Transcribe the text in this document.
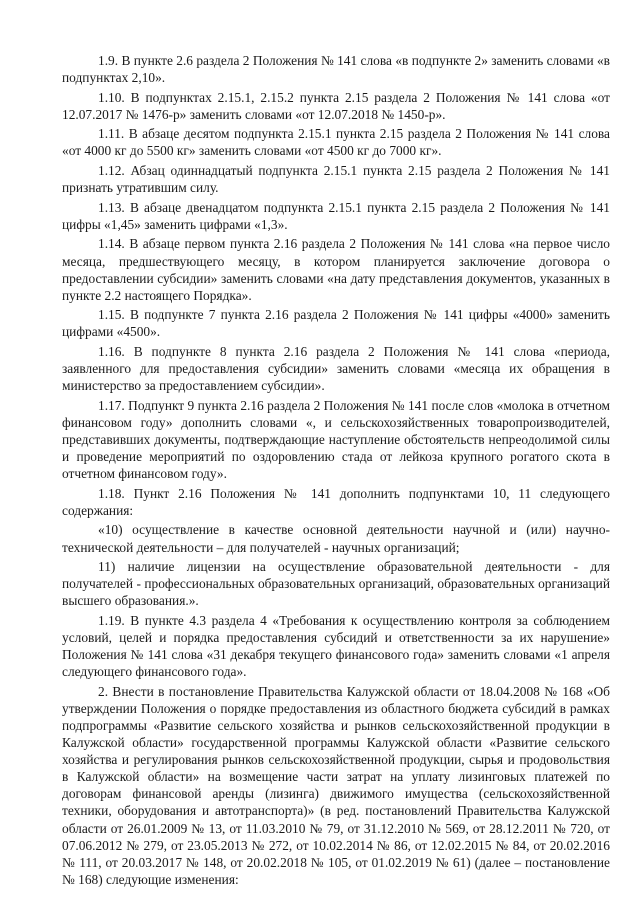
1.9. В пункте 2.6 раздела 2 Положения № 141 слова «в подпункте 2» заменить словами «в подпунктах 2,10».

1.10. В подпунктах 2.15.1, 2.15.2 пункта 2.15 раздела 2 Положения № 141 слова «от 12.07.2017 № 1476-р» заменить словами «от 12.07.2018 № 1450-р».

1.11. В абзаце десятом подпункта 2.15.1 пункта 2.15 раздела 2 Положения № 141 слова «от 4000 кг до 5500 кг» заменить словами «от 4500 кг до 7000 кг».

1.12. Абзац одиннадцатый подпункта 2.15.1 пункта 2.15 раздела 2 Положения № 141 признать утратившим силу.

1.13. В абзаце двенадцатом подпункта 2.15.1 пункта 2.15 раздела 2 Положения № 141 цифры «1,45» заменить цифрами «1,3».

1.14. В абзаце первом пункта 2.16 раздела 2 Положения № 141 слова «на первое число месяца, предшествующего месяцу, в котором планируется заключение договора о предоставлении субсидии» заменить словами «на дату представления документов, указанных в пункте 2.2 настоящего Порядка».

1.15. В подпункте 7 пункта 2.16 раздела 2 Положения № 141 цифры «4000» заменить цифрами «4500».

1.16. В подпункте 8 пункта 2.16 раздела 2 Положения № 141 слова «периода, заявленного для предоставления субсидии» заменить словами «месяца их обращения в министерство за предоставлением субсидии».

1.17. Подпункт 9 пункта 2.16 раздела 2 Положения № 141 после слов «молока в отчетном финансовом году» дополнить словами «, и сельскохозяйственных товаропроизводителей, представивших документы, подтверждающие наступление обстоятельств непреодолимой силы и проведение мероприятий по оздоровлению стада от лейкоза крупного рогатого скота в отчетном финансовом году».

1.18. Пункт 2.16 Положения № 141 дополнить подпунктами 10, 11 следующего содержания:

«10) осуществление в качестве основной деятельности научной и (или) научно-технической деятельности – для получателей - научных организаций;

11) наличие лицензии на осуществление образовательной деятельности - для получателей - профессиональных образовательных организаций, образовательных организаций высшего образования.».

1.19. В пункте 4.3 раздела 4 «Требования к осуществлению контроля за соблюдением условий, целей и порядка предоставления субсидий и ответственности за их нарушение» Положения № 141 слова «31 декабря текущего финансового года» заменить словами «1 апреля следующего финансового года».

2. Внести в постановление Правительства Калужской области от 18.04.2008 № 168 «Об утверждении Положения о порядке предоставления из областного бюджета субсидий в рамках подпрограммы «Развитие сельского хозяйства и рынков сельскохозяйственной продукции в Калужской области» государственной программы Калужской области «Развитие сельского хозяйства и регулирования рынков сельскохозяйственной продукции, сырья и продовольствия в Калужской области» на возмещение части затрат на уплату лизинговых платежей по договорам финансовой аренды (лизинга) движимого имущества (сельскохозяйственной техники, оборудования и автотранспорта)» (в ред. постановлений Правительства Калужской области от 26.01.2009 № 13, от 11.03.2010 № 79, от 31.12.2010 № 569, от 28.12.2011 № 720, от 07.06.2012 № 279, от 23.05.2013 № 272, от 10.02.2014 № 86, от 12.02.2015 № 84, от 20.02.2016 № 111, от 20.03.2017 № 148, от 20.02.2018 № 105, от 01.02.2019 № 61) (далее – постановление № 168) следующие изменения:
